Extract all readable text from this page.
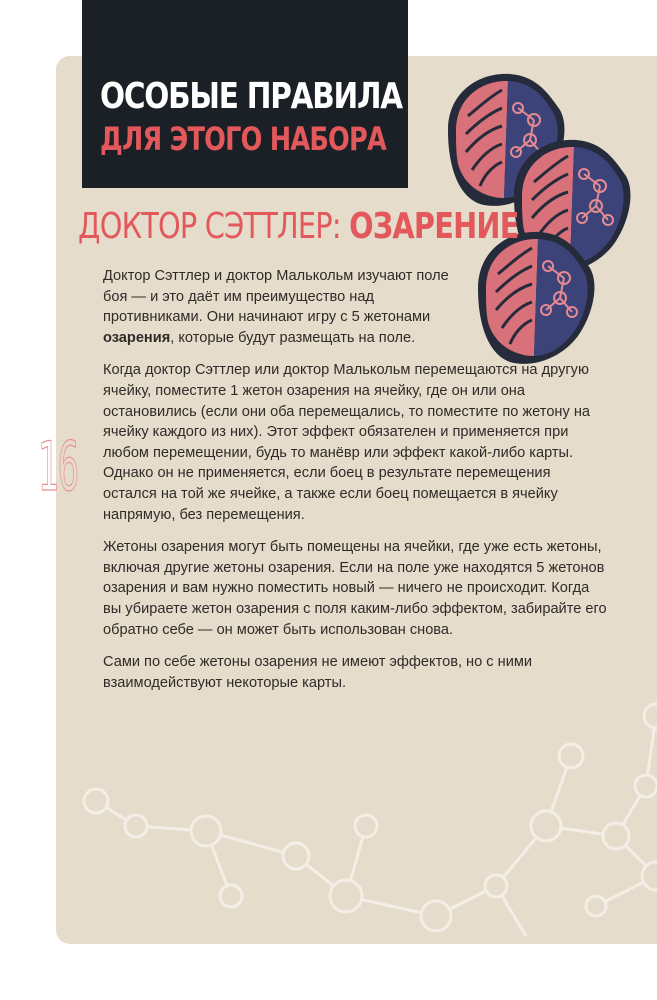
ОСОБЫЕ ПРАВИЛА
ДЛЯ ЭТОГО НАБОРА
ДОКТОР СЭТТЛЕР: ОЗАРЕНИЕ
16

Доктор Сэттлер и доктор Малькольм изучают поле боя — и это даёт им преимущество над противниками. Они начинают игру с 5 жетонами озарения, которые будут размещать на поле.

Когда доктор Сэттлер или доктор Малькольм перемещаются на другую ячейку, поместите 1 жетон озарения на ячейку, где он или она остановились (если они оба перемещались, то поместите по жетону на ячейку каждого из них). Этот эффект обязателен и применяется при любом перемещении, будь то манёвр или эффект какой-либо карты. Однако он не применяется, если боец в результате перемещения остался на той же ячейке, а также если боец помещается в ячейку напрямую, без перемещения.

Жетоны озарения могут быть помещены на ячейки, где уже есть жетоны, включая другие жетоны озарения. Если на поле уже находятся 5 жетонов озарения и вам нужно поместить новый — ничего не происходит. Когда вы убираете жетон озарения с поля каким-либо эффектом, забирайте его обратно себе — он может быть использован снова.

Сами по себе жетоны озарения не имеют эффектов, но с ними взаимодействуют некоторые карты.
